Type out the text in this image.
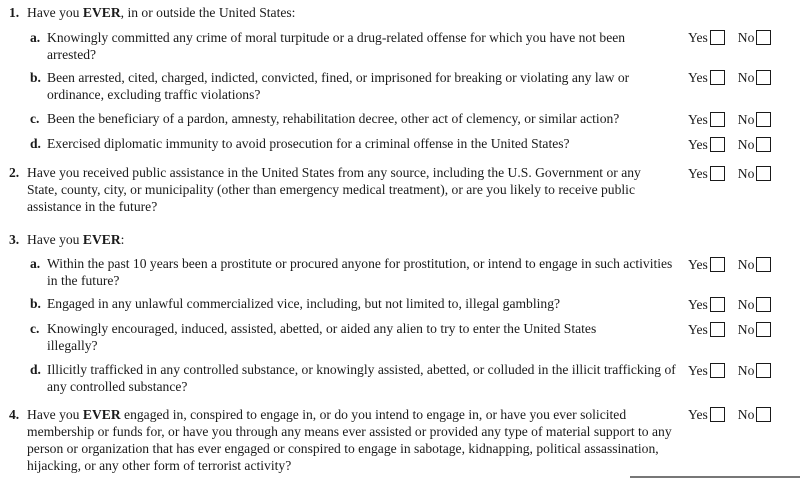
1. Have you EVER, in or outside the United States:
a. Knowingly committed any crime of moral turpitude or a drug-related offense for which you have not been arrested?
Yes No
b. Been arrested, cited, charged, indicted, convicted, fined, or imprisoned for breaking or violating any law or ordinance, excluding traffic violations?
Yes No
c. Been the beneficiary of a pardon, amnesty, rehabilitation decree, other act of clemency, or similar action?	Yes No
d. Exercised diplomatic immunity to avoid prosecution for a criminal offense in the United States?	Yes No
2. Have you received public assistance in the United States from any source, including the U.S. Government or any State, county, city, or municipality (other than emergency medical treatment), or are you likely to receive public assistance in the future?
Yes No
3. Have you EVER:
a. Within the past 10 years been a prostitute or procured anyone for prostitution, or intend to engage in such activities in the future?
Yes No
b. Engaged in any unlawful commercialized vice, including, but not limited to, illegal gambling?	Yes No
c. Knowingly encouraged, induced, assisted, abetted, or aided any alien to try to enter the United States illegally?
Yes No
d. Illicitly trafficked in any controlled substance, or knowingly assisted, abetted, or colluded in the illicit trafficking of any controlled substance?
Yes No
4. Have you EVER engaged in, conspired to engage in, or do you intend to engage in, or have you ever solicited membership or funds for, or have you through any means ever assisted or provided any type of material support to any person or organization that has ever engaged or conspired to engage in sabotage, kidnapping, political assassination, hijacking, or any other form of terrorist activity?
Yes No
